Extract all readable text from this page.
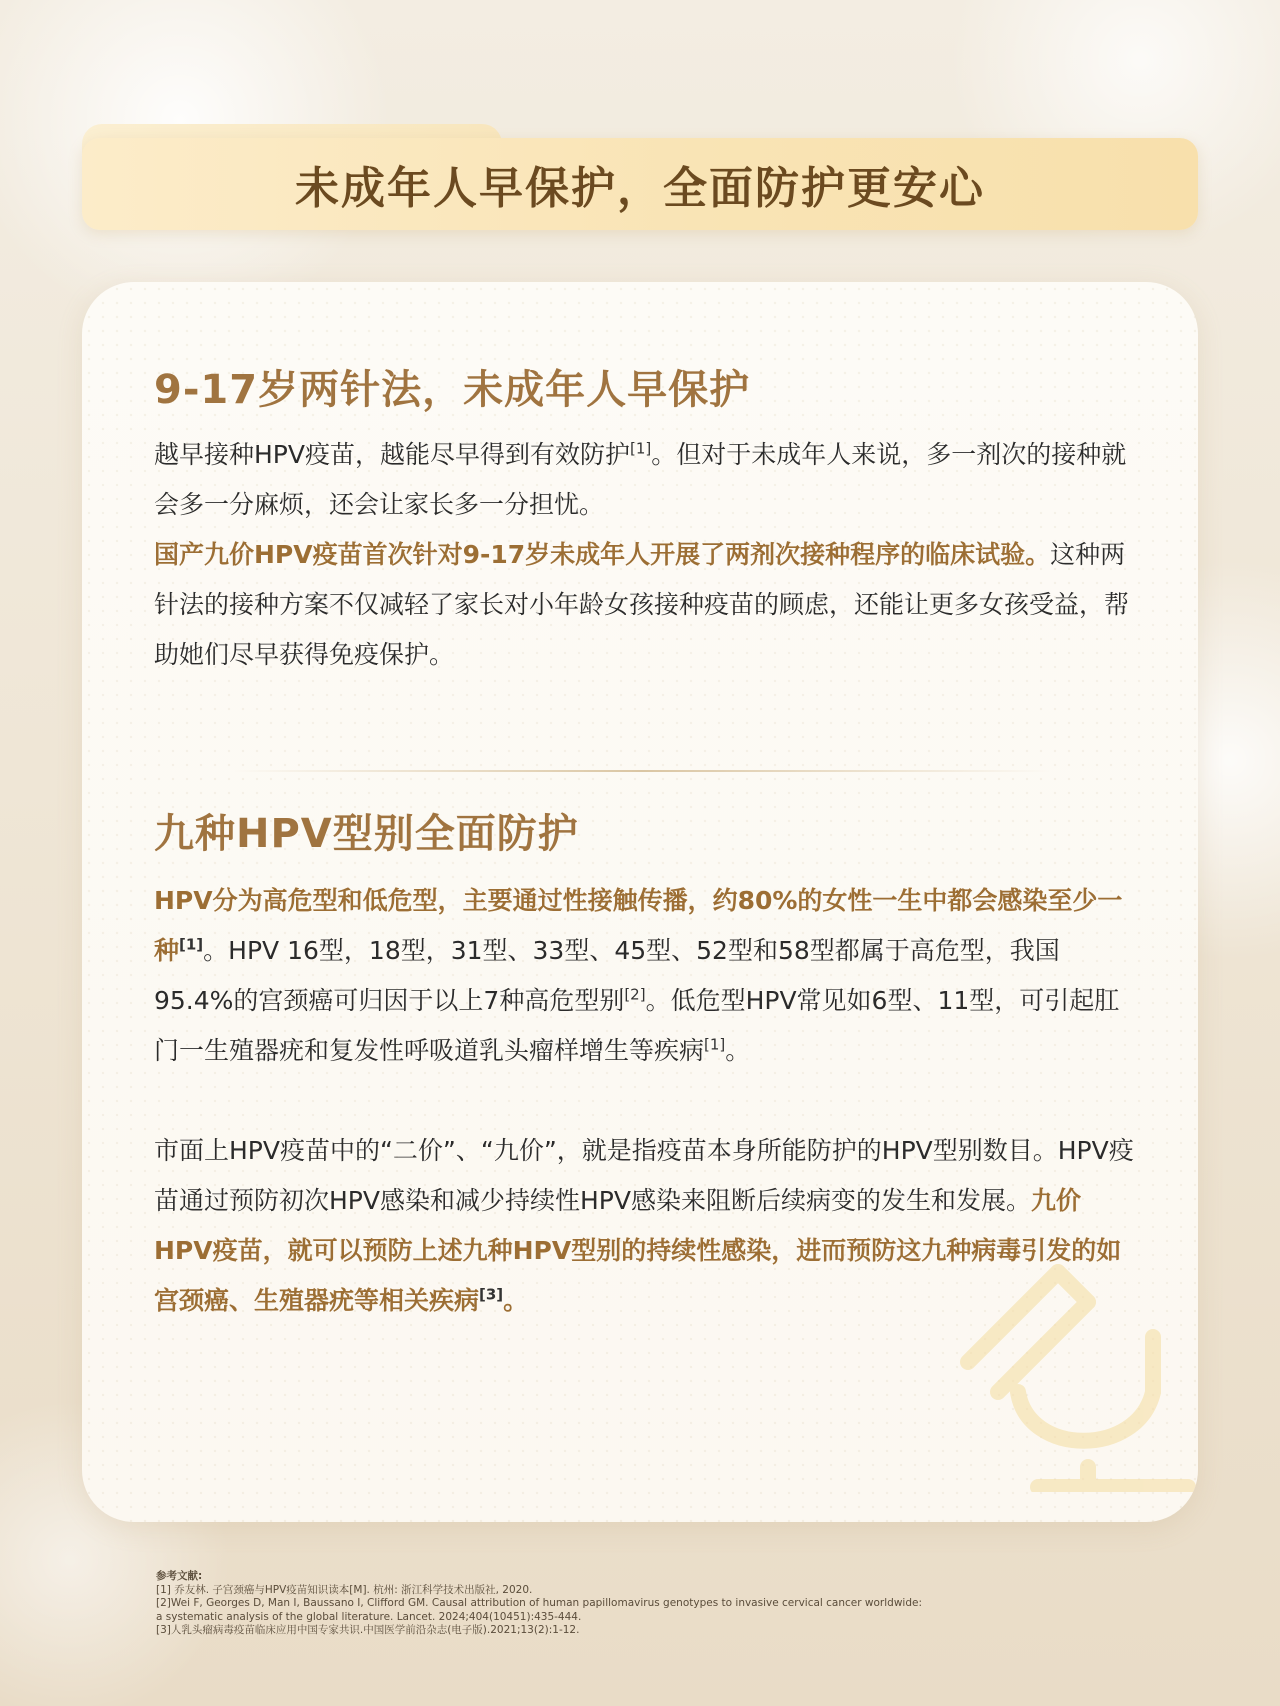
未成年人早保护，全面防护更安心
9-17岁两针法，未成年人早保护

越早接种HPV疫苗，越能尽早得到有效防护[1]。但对于未成年人来说，多一剂次的接种就会多一分麻烦，还会让家长多一分担忧。

国产九价HPV疫苗首次针对9-17岁未成年人开展了两剂次接种程序的临床试验。这种两针法的接种方案不仅减轻了家长对小年龄女孩接种疫苗的顾虑，还能让更多女孩受益，帮助她们尽早获得免疫保护。

九种HPV型别全面防护

HPV分为高危型和低危型，主要通过性接触传播，约80%的女性一生中都会感染至少一种[1]。HPV 16型，18型，31型、33型、45型、52型和58型都属于高危型，我国95.4%的宫颈癌可归因于以上7种高危型别[2]。低危型HPV常见如6型、11型，可引起肛门一生殖器疣和复发性呼吸道乳头瘤样增生等疾病[1]。

市面上HPV疫苗中的“二价”、“九价”，就是指疫苗本身所能防护的HPV型别数目。HPV疫苗通过预防初次HPV感染和减少持续性HPV感染来阻断后续病变的发生和发展。九价HPV疫苗，就可以预防上述九种HPV型别的持续性感染，进而预防这九种病毒引发的如宫颈癌、生殖器疣等相关疾病[3]。

参考文献:
[1] 乔友林. 子宫颈癌与HPV疫苗知识读本[M]. 杭州: 浙江科学技术出版社, 2020.
[2]Wei F, Georges D, Man I, Baussano I, Clifford GM. Causal attribution of human papillomavirus genotypes to invasive cervical cancer worldwide:
a systematic analysis of the global literature. Lancet. 2024;404(10451):435-444.
[3]人乳头瘤病毒疫苗临床应用中国专家共识.中国医学前沿杂志(电子版).2021;13(2):1-12.
